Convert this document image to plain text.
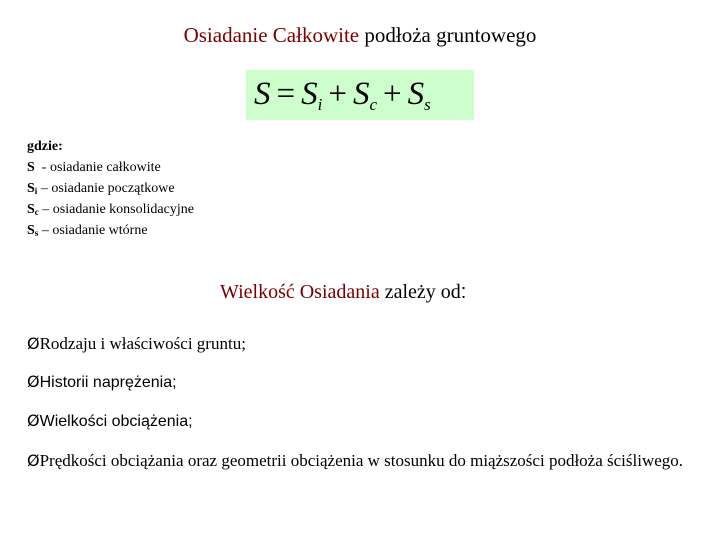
Osiadanie Całkowite podłoża gruntowego
$S = S_i + S_c + S_s$
gdzie:
S  - osiadanie całkowite
$S_i$ – osiadanie początkowe
$S_c$ – osiadanie konsolidacyjne
$S_s$ – osiadanie wtórne
Wielkość Osiadania zależy od:
ØRodzaju i właściwości gruntu;
ØHistorii naprężenia;
ØWielkości obciążenia;
ØPrędkości obciążania oraz geometrii obciążenia w stosunku do miąższości podłoża ściśliwego.
